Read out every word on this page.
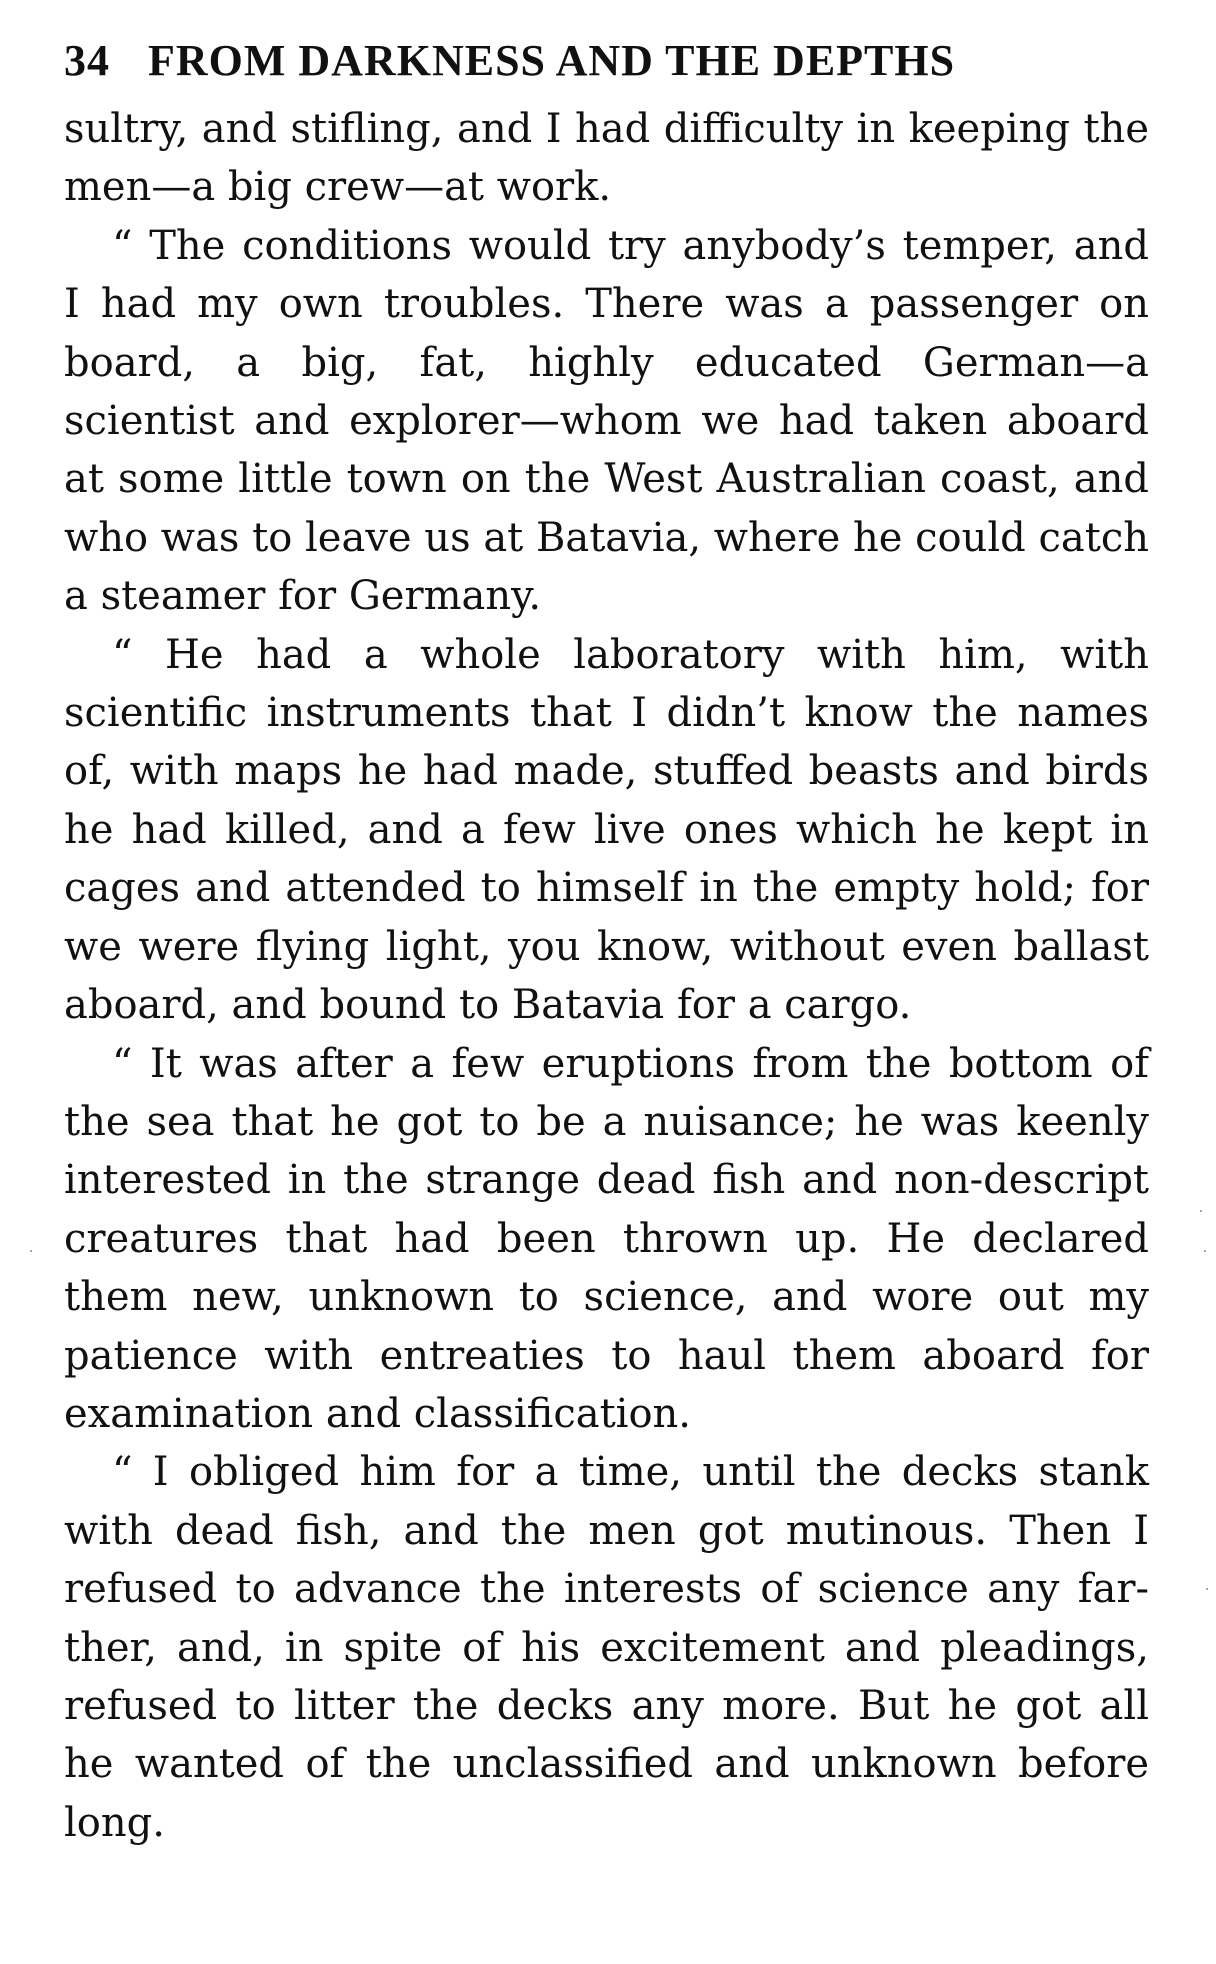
34 FROM DARKNESS AND THE DEPTHS

sultry, and stifling, and I had difficulty in keeping the men—a big crew—at work.

“ The conditions would try anybody’s temper, and I had my own troubles. There was a passenger on board, a big, fat, highly educated German—a scientist and explorer—whom we had taken aboard at some little town on the West Australian coast, and who was to leave us at Batavia, where he could catch a steamer for Germany.

“ He had a whole laboratory with him, with scientific instruments that I didn’t know the names of, with maps he had made, stuffed beasts and birds he had killed, and a few live ones which he kept in cages and attended to himself in the empty hold; for we were flying light, you know, without even ballast aboard, and bound to Batavia for a cargo.

“ It was after a few eruptions from the bottom of the sea that he got to be a nuisance; he was keenly interested in the strange dead fish and non-descript creatures that had been thrown up. He declared them new, unknown to science, and wore out my patience with entreaties to haul them aboard for examination and classification.

“ I obliged him for a time, until the decks stank with dead fish, and the men got mutinous. Then I refused to advance the interests of science any far-ther, and, in spite of his excitement and pleadings, refused to litter the decks any more. But he got all he wanted of the unclassified and unknown before long.
